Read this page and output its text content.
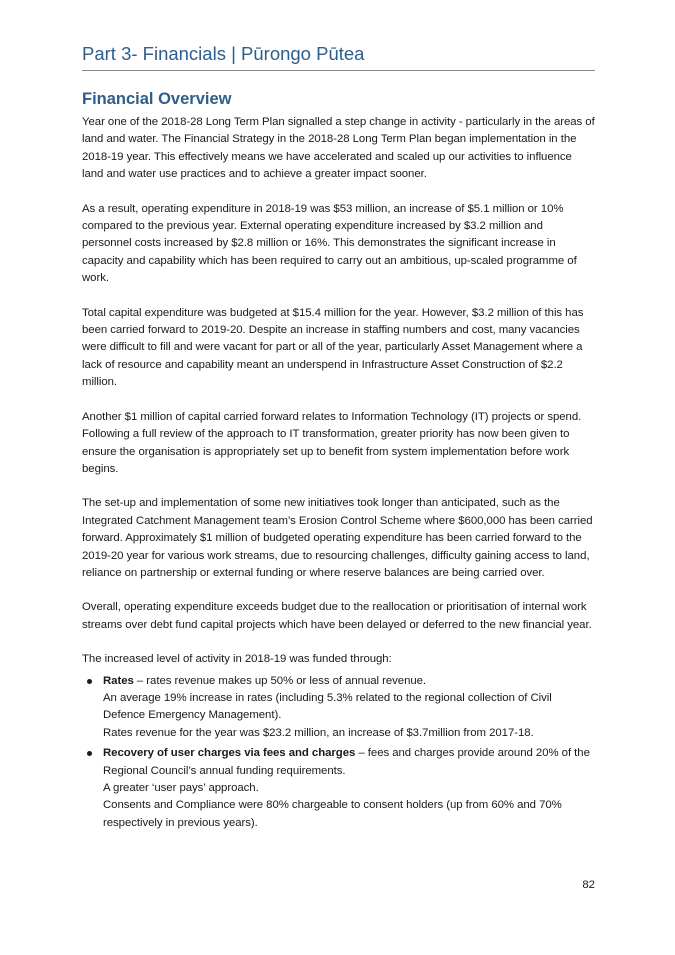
Part 3- Financials | Pūrongo Pūtea
Financial Overview

Year one of the 2018-28 Long Term Plan signalled a step change in activity - particularly in the areas of land and water. The Financial Strategy in the 2018-28 Long Term Plan began implementation in the 2018-19 year. This effectively means we have accelerated and scaled up our activities to influence land and water use practices and to achieve a greater impact sooner.

As a result, operating expenditure in 2018-19 was $53 million, an increase of $5.1 million or 10% compared to the previous year. External operating expenditure increased by $3.2 million and personnel costs increased by $2.8 million or 16%. This demonstrates the significant increase in capacity and capability which has been required to carry out an ambitious, up-scaled programme of work.

Total capital expenditure was budgeted at $15.4 million for the year. However, $3.2 million of this has been carried forward to 2019-20. Despite an increase in staffing numbers and cost, many vacancies were difficult to fill and were vacant for part or all of the year, particularly Asset Management where a lack of resource and capability meant an underspend in Infrastructure Asset Construction of $2.2 million.

Another $1 million of capital carried forward relates to Information Technology (IT) projects or spend. Following a full review of the approach to IT transformation, greater priority has now been given to ensure the organisation is appropriately set up to benefit from system implementation before work begins.

The set-up and implementation of some new initiatives took longer than anticipated, such as the Integrated Catchment Management team’s Erosion Control Scheme where $600,000 has been carried forward. Approximately $1 million of budgeted operating expenditure has been carried forward to the 2019-20 year for various work streams, due to resourcing challenges, difficulty gaining access to land, reliance on partnership or external funding or where reserve balances are being carried over.

Overall, operating expenditure exceeds budget due to the reallocation or prioritisation of internal work streams over debt fund capital projects which have been delayed or deferred to the new financial year.

The increased level of activity in 2018-19 was funded through:

Rates – rates revenue makes up 50% or less of annual revenue.
An average 19% increase in rates (including 5.3% related to the regional collection of Civil Defence Emergency Management).
Rates revenue for the year was $23.2 million, an increase of $3.7million from 2017-18.
Recovery of user charges via fees and charges – fees and charges provide around 20% of the Regional Council’s annual funding requirements.
A greater ‘user pays’ approach.
Consents and Compliance were 80% chargeable to consent holders (up from 60% and 70% respectively in previous years).
82
